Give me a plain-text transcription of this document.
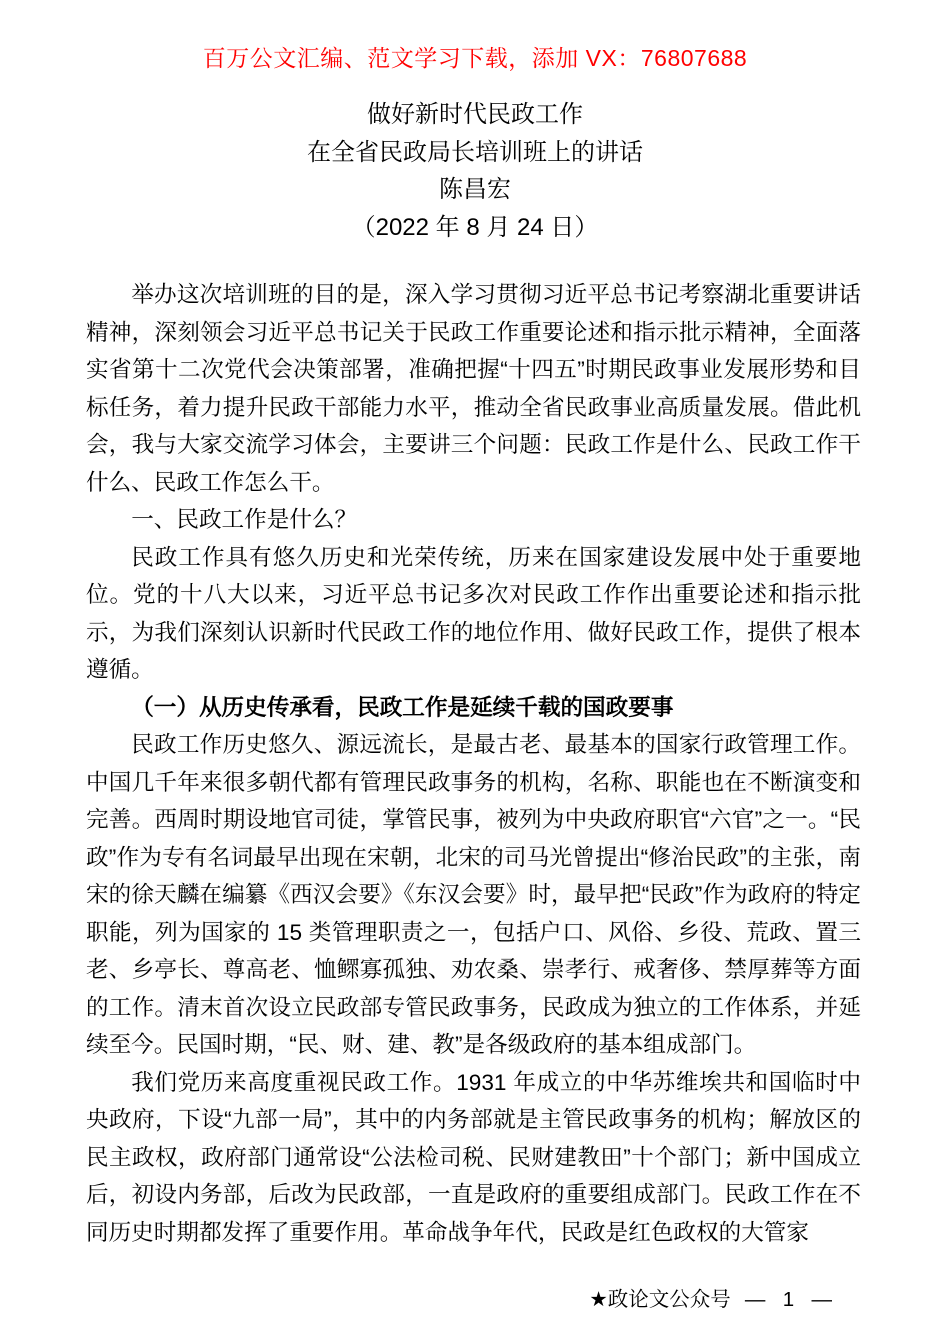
百万公文汇编、范文学习下载，添加 VX：76807688
做好新时代民政工作
在全省民政局长培训班上的讲话
陈昌宏
（2022 年 8 月 24 日）

举办这次培训班的目的是，深入学习贯彻习近平总书记考察湖北重要讲话精神，深刻领会习近平总书记关于民政工作重要论述和指示批示精神，全面落实省第十二次党代会决策部署，准确把握“十四五”时期民政事业发展形势和目标任务，着力提升民政干部能力水平，推动全省民政事业高质量发展。借此机会，我与大家交流学习体会，主要讲三个问题：民政工作是什么、民政工作干什么、民政工作怎么干。

一、民政工作是什么？

民政工作具有悠久历史和光荣传统，历来在国家建设发展中处于重要地位。党的十八大以来，习近平总书记多次对民政工作作出重要论述和指示批示，为我们深刻认识新时代民政工作的地位作用、做好民政工作，提供了根本遵循。

（一）从历史传承看，民政工作是延续千载的国政要事

民政工作历史悠久、源远流长，是最古老、最基本的国家行政管理工作。中国几千年来很多朝代都有管理民政事务的机构，名称、职能也在不断演变和完善。西周时期设地官司徒，掌管民事，被列为中央政府职官“六官”之一。“民政”作为专有名词最早出现在宋朝，北宋的司马光曾提出“修治民政”的主张，南宋的徐天麟在编纂《西汉会要》《东汉会要》时，最早把“民政”作为政府的特定职能，列为国家的 15 类管理职责之一，包括户口、风俗、乡役、荒政、置三老、乡亭长、尊高老、恤鳏寡孤独、劝农桑、崇孝行、戒奢侈、禁厚葬等方面的工作。清末首次设立民政部专管民政事务，民政成为独立的工作体系，并延续至今。民国时期，“民、财、建、教”是各级政府的基本组成部门。

我们党历来高度重视民政工作。1931 年成立的中华苏维埃共和国临时中央政府，下设“九部一局”，其中的内务部就是主管民政事务的机构；解放区的民主政权，政府部门通常设“公法检司税、民财建教田”十个部门；新中国成立后，初设内务部，后改为民政部，一直是政府的重要组成部门。民政工作在不同历史时期都发挥了重要作用。革命战争年代，民政是红色政权的大管家

★政论文公众号 —  1  —
